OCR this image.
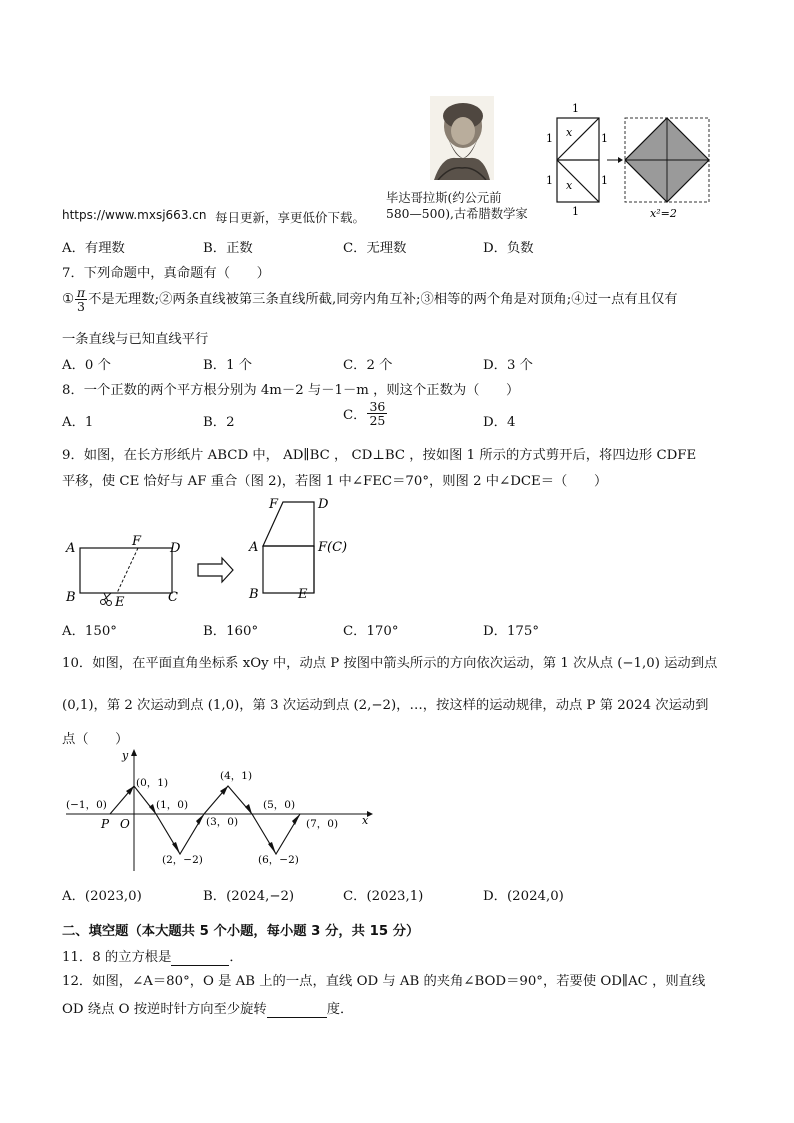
毕达哥拉斯(约公元前
580—500),古希腊数学家
1
1	1
1	1
1
x
x
x²=2
https://www.mxsj663.cn 每日更新，享更低价下载。
A．有理数	B．正数	C．无理数	D．负数
7．下列命题中，真命题有（　　）
① $\frac{\pi}{3}$ 不是无理数;②两条直线被第三条直线所截,同旁内角互补;③相等的两个角是对顶角;④过一点有且仅有
一条直线与已知直线平行
A．0 个	B．1 个	C．2 个	D．3 个
8．一个正数的两个平方根分别为 4m－2 与－1－m ，则这个正数为（　　）
A．1	B．2	C． $\frac{36}{25}$	D．4
9．如图，在长方形纸片 ABCD 中， AD∥BC ， CD⊥BC ，按如图 1 所示的方式剪开后，将四边形 CDFE
平移，使 CE 恰好与 AF 重合（图 2)，若图 1 中∠FEC＝70°，则图 2 中∠DCE＝（　　）
A	F D
B	E	C
F	D
A	F(C)
B	E
A．150°	B．160°	C．170°	D．175°
10．如图，在平面直角坐标系 xOy 中，动点 P 按图中箭头所示的方向依次运动，第 1 次从点 (−1,0) 运动到点
(0,1)，第 2 次运动到点 (1,0)，第 3 次运动到点 (2,−2)，…，按这样的运动规律，动点 P 第 2024 次运动到
点（　　）
y
x
P O
(−1，0)
(0，1)
(1，0)
(2，−2)
(3，0)
(4，1)
(5，0)
(6，−2)
(7，0)
A．(2023,0)	B．(2024,−2)	C．(2023,1)	D．(2024,0)
二、填空题（本大题共 5 个小题，每小题 3 分，共 15 分）
11．8 的立方根是	．
12．如图，∠A＝80°，O 是 AB 上的一点，直线 OD 与 AB 的夹角∠BOD＝90°，若要使 OD∥AC ，则直线
OD 绕点 O 按逆时针方向至少旋转	度．
